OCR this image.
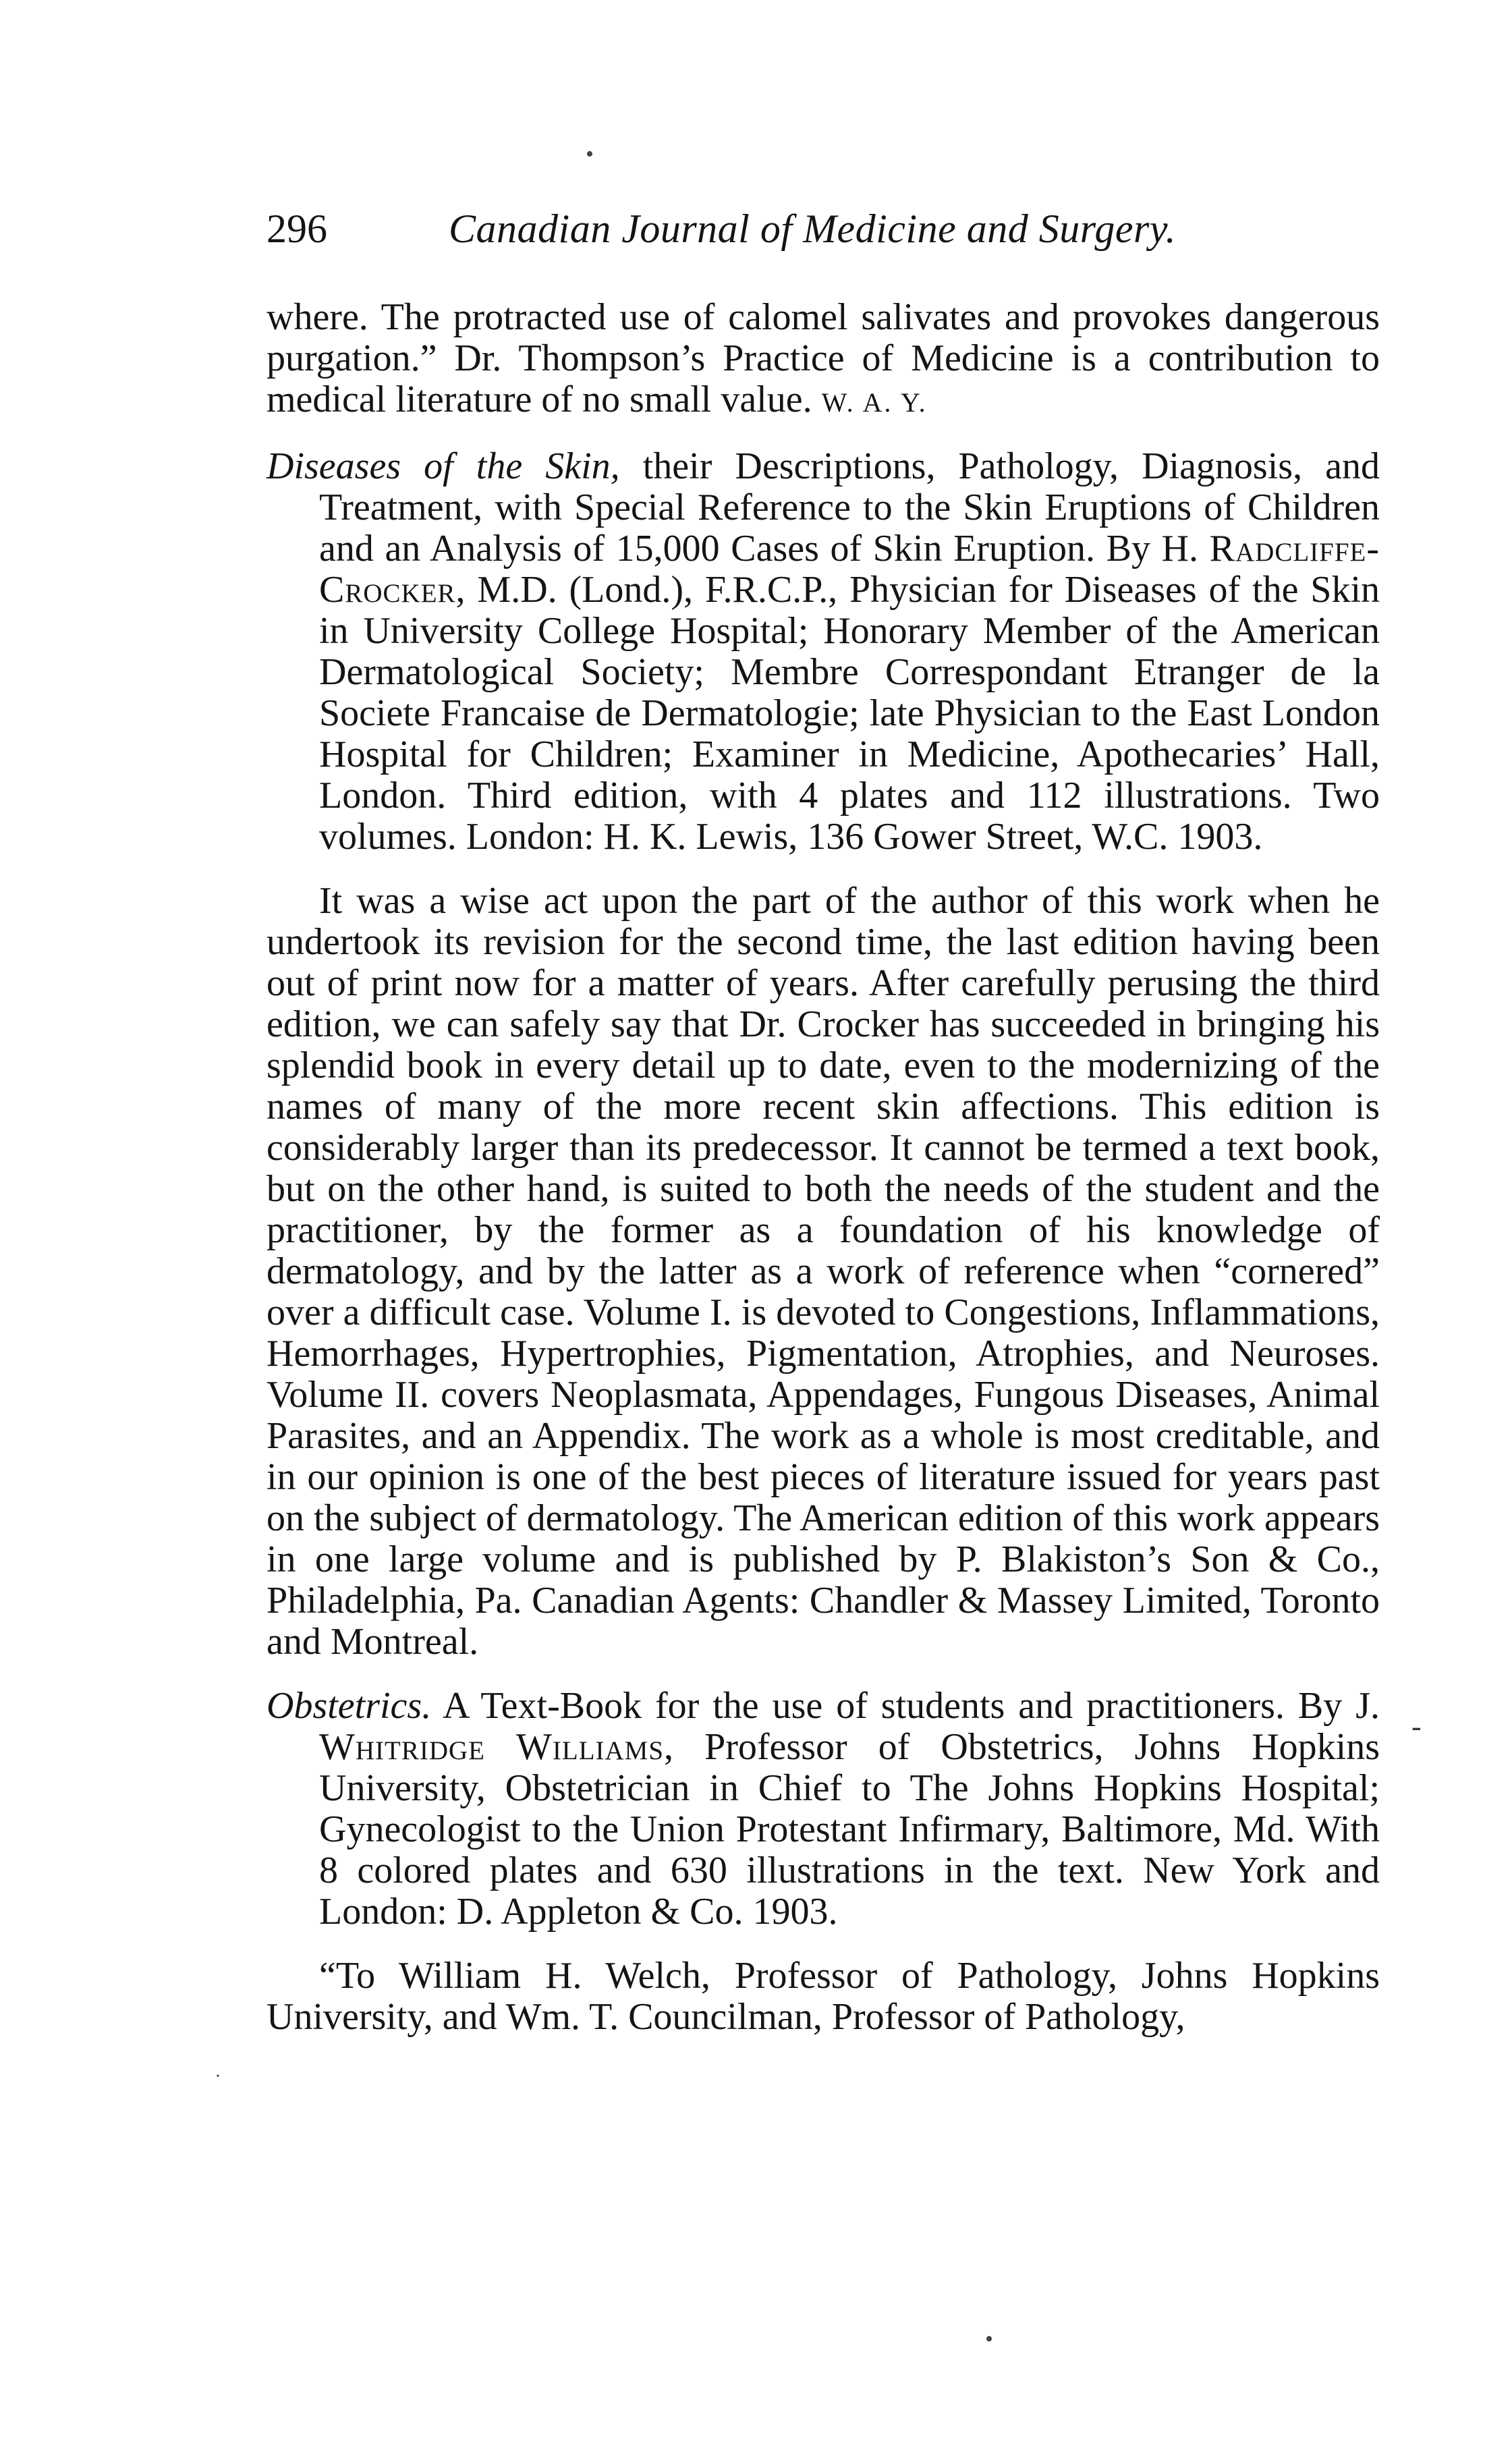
•
296	Canadian Journal of Medicine and Surgery.

where. The protracted use of calomel salivates and provokes dangerous purgation.” Dr. Thompson’s Practice of Medicine is a contribution to medical literature of no small value. W. A. Y.

Diseases of the Skin, their Descriptions, Pathology, Diagnosis, and Treatment, with Special Reference to the Skin Eruptions of Children and an Analysis of 15,000 Cases of Skin Eruption. By H. Radcliffe-Crocker, M.D. (Lond.), F.R.C.P., Physician for Diseases of the Skin in University College Hospital; Honorary Member of the American Dermatological Society; Membre Correspondant Etranger de la Societe Francaise de Dermatologie; late Physician to the East London Hospital for Children; Examiner in Medicine, Apothecaries’ Hall, London. Third edition, with 4 plates and 112 illustrations. Two volumes. London: H. K. Lewis, 136 Gower Street, W.C. 1903.

It was a wise act upon the part of the author of this work when he undertook its revision for the second time, the last edition having been out of print now for a matter of years. After carefully perusing the third edition, we can safely say that Dr. Crocker has succeeded in bringing his splendid book in every detail up to date, even to the modernizing of the names of many of the more recent skin affections. This edition is considerably larger than its predecessor. It cannot be termed a text book, but on the other hand, is suited to both the needs of the student and the practitioner, by the former as a foundation of his knowledge of dermatology, and by the latter as a work of reference when “cornered” over a difficult case. Volume I. is devoted to Congestions, Inflammations, Hemorrhages, Hypertrophies, Pigmentation, Atrophies, and Neuroses. Volume II. covers Neoplasmata, Appendages, Fungous Diseases, Animal Parasites, and an Appendix. The work as a whole is most creditable, and in our opinion is one of the best pieces of literature issued for years past on the subject of dermatology. The American edition of this work appears in one large volume and is published by P. Blakiston’s Son & Co., Philadelphia, Pa. Canadian Agents: Chandler & Massey Limited, Toronto and Montreal.

Obstetrics. A Text-Book for the use of students and practitioners. By J. Whitridge Williams, Professor of Obstetrics, Johns Hopkins University, Obstetrician in Chief to The Johns Hopkins Hospital; Gynecologist to the Union Protestant Infirmary, Baltimore, Md. With 8 colored plates and 630 illustrations in the text. New York and London: D. Appleton & Co. 1903.

“To William H. Welch, Professor of Pathology, Johns Hopkins University, and Wm. T. Councilman, Professor of Pathology,

-
·
•
